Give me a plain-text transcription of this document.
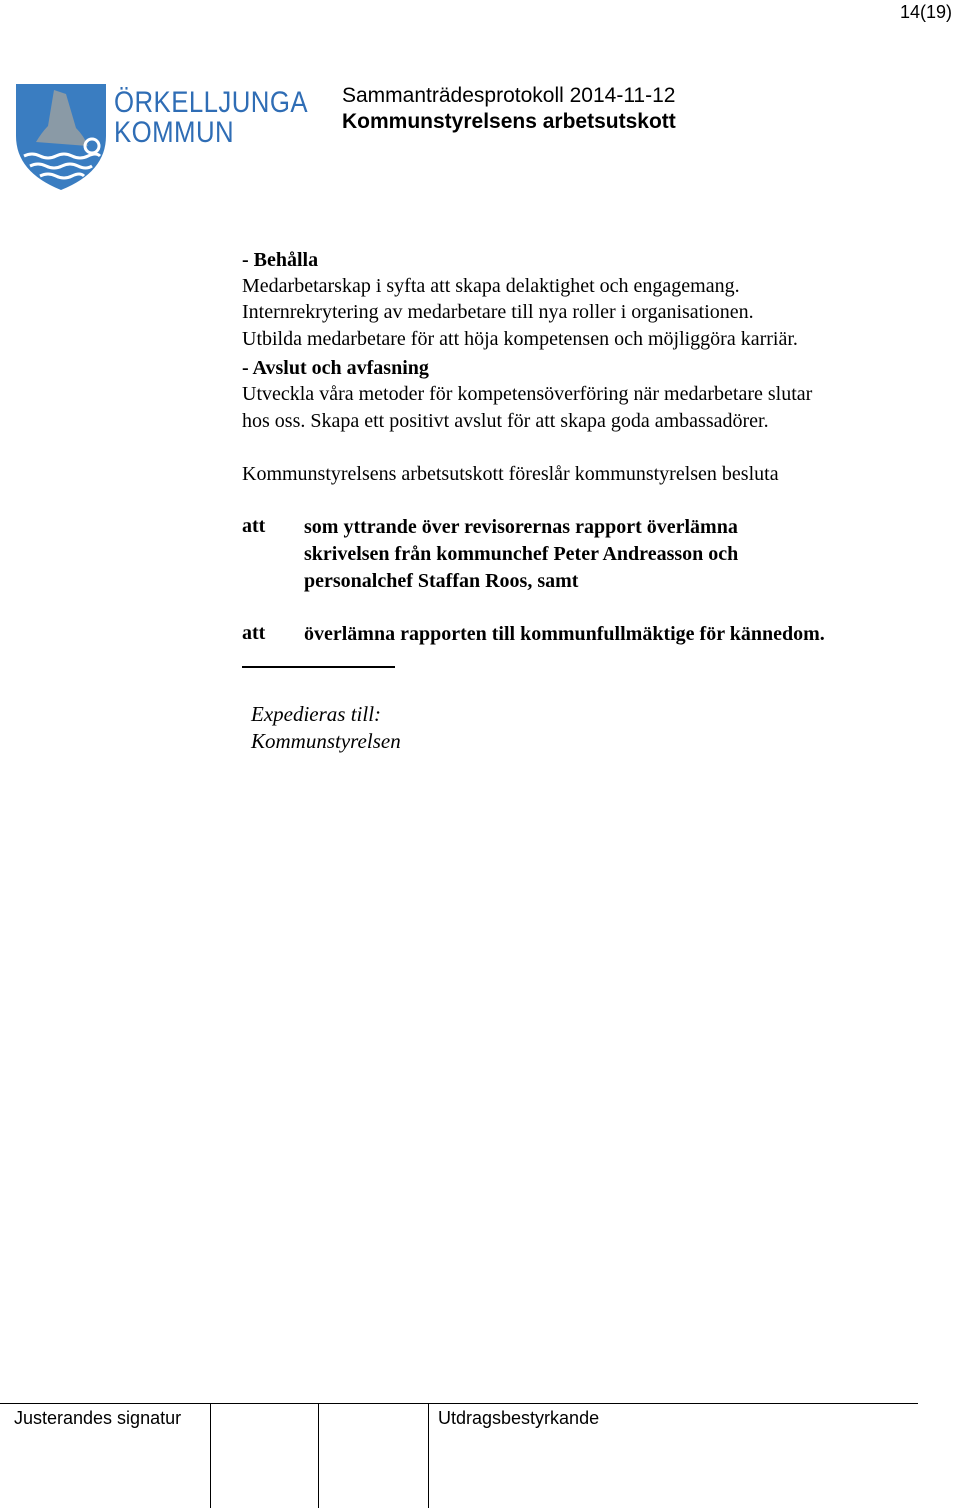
14(19)
ÖRKELLJUNGA
KOMMUN
Sammanträdesprotokoll 2014-11-12
Kommunstyrelsens arbetsutskott
- Behålla
Medarbetarskap i syfta att skapa delaktighet och engagemang.
Internrekrytering av medarbetare till nya roller i organisationen.
Utbilda medarbetare för att höja kompetensen och möjliggöra karriär.
- Avslut och avfasning
Utveckla våra metoder för kompetensöverföring när medarbetare slutar
hos oss. Skapa ett positivt avslut för att skapa goda ambassadörer.
Kommunstyrelsens arbetsutskott föreslår kommunstyrelsen besluta
att som yttrande över revisorernas rapport överlämna
skrivelsen från kommunchef Peter Andreasson och
personalchef Staffan Roos, samt
att överlämna rapporten till kommunfullmäktige för kännedom.
Expedieras till:
Kommunstyrelsen
Justerandes signatur	Utdragsbestyrkande
